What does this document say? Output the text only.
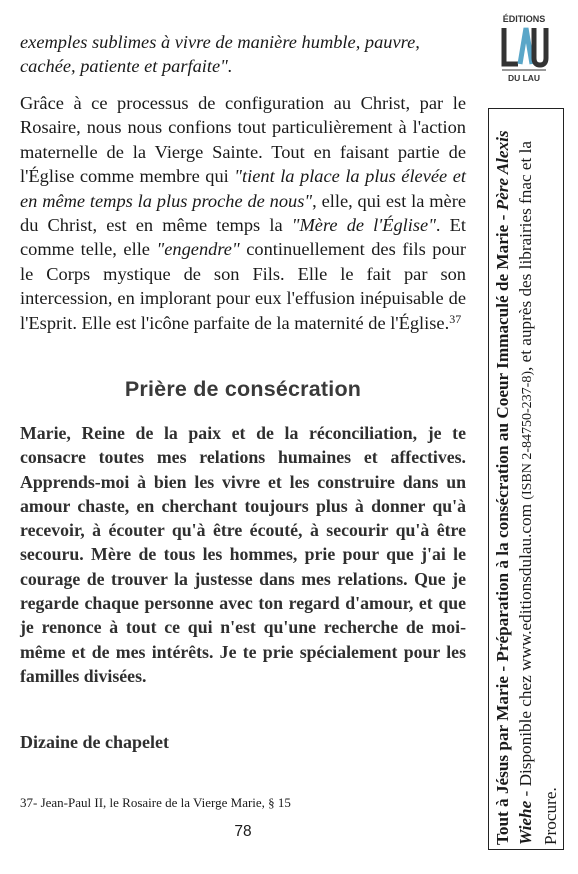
exemples sublimes à vivre de manière humble, pauvre,

cachée, patiente et parfaite".

Grâce à ce processus de configuration au Christ, par le Rosaire, nous nous confions tout particulièrement à l'action maternelle de la Vierge Sainte. Tout en faisant partie de l'Église comme membre qui "tient la place la plus élevée et en même temps la plus proche de nous", elle, qui est la mère du Christ, est en même temps la "Mère de l'Église". Et comme telle, elle "engendre" continuellement des fils pour le Corps mystique de son Fils. Elle le fait par son intercession, en implorant pour eux l'effusion inépuisable de l'Esprit. Elle est l'icône parfaite de la maternité de l'Église.$^{37}$

Prière de consécration

Marie, Reine de la paix et de la réconciliation, je te consacre toutes mes relations humaines et affectives. Apprends-moi à bien les vivre et les construire dans un amour chaste, en cherchant toujours plus à donner qu'à recevoir, à écouter qu'à être écouté, à secourir qu'à être secouru. Mère de tous les hommes, prie pour que j'ai le courage de trouver la justesse dans mes relations. Que je regarde chaque personne avec ton regard d'amour, et que je renonce à tout ce qui n'est qu'une recherche de moi-même et de mes intérêts. Je te prie spécialement pour les familles divisées.

Dizaine de chapelet
37- Jean-Paul II, le Rosaire de la Vierge Marie, § 15
78
ÉDITIONS
DU LAU
Tout à Jésus par Marie - Préparation à la consécration au Coeur Immaculé de Marie - Père Alexis Wiehe - Disponible chez www.editionsdulau.com (ISBN 2-84750-237-8), et auprès des librairies fnac et la Procure.
